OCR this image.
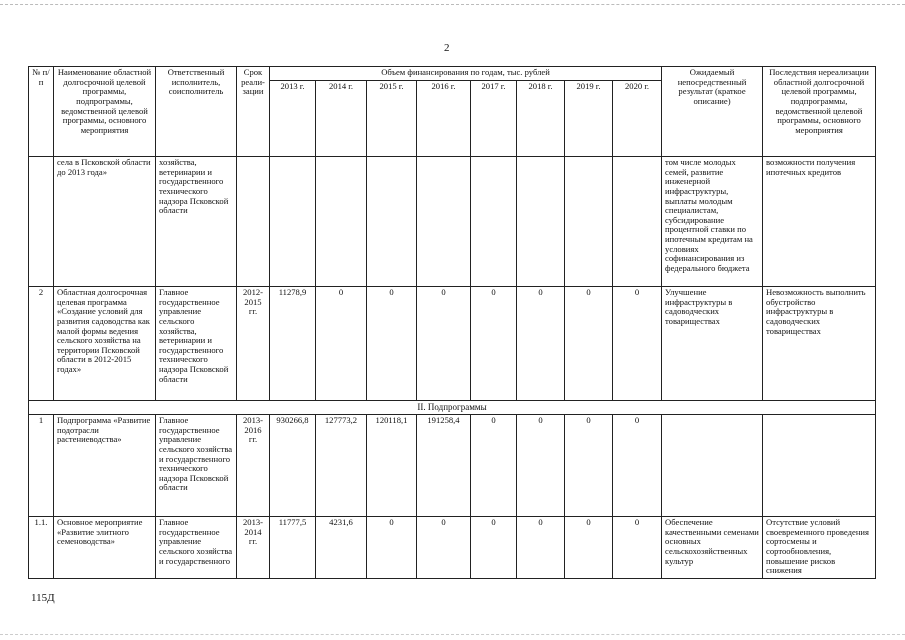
2
№ п/п	Наименование областной долгосрочной целевой программы, подпрограммы, ведомственной целевой программы, основного мероприятия	Ответственный исполнитель, соисполнитель	Срок реали-зации	Объем финансирования по годам, тыс. рублей								Ожидаемый непосредственный результат (краткое описание)	Последствия нереализации областной долгосрочной целевой программы, подпрограммы, ведомственной целевой программы, основного мероприятия
				2013 г.	2014 г.	2015 г.	2016 г.	2017 г.	2018 г.	2019 г.	2020 г.		
	села в Псковской области до 2013 года»	хозяйства, ветеринарии и государственного технического надзора Псковской области										том числе молодых семей, развитие инженерной инфраструктуры, выплаты молодым специалистам, субсидирование процентной ставки по ипотечным кредитам на условиях софинансирования из федерального бюджета	возможности получения ипотечных кредитов
2	Областная долгосрочная целевая программа «Создание условий для развития садоводства как малой формы ведения сельского хозяйства на территории Псковской области в 2012-2015 годах»	Главное государственное управление сельского хозяйства, ветеринарии и государственного технического надзора Псковской области	2012-2015 гг.	11278,9	0	0	0	0	0	0	0	Улучшение инфраструктуры в садоводческих товариществах	Невозможность выполнить обустройство инфраструктуры в садоводческих товариществах
II. Подпрограммы													
1	Подпрограмма «Развитие подотрасли растениеводства»	Главное государственное управление сельского хозяйства и государственного технического надзора Псковской области	2013-2016 гг.	930266,8	127773,2	120118,1	191258,4	0	0	0	0		
1.1.	Основное мероприятие «Развитие элитного семеноводства»	Главное государственное управление сельского хозяйства и государственного	2013-2014 гг.	11777,5	4231,6	0	0	0	0	0	0	Обеспечение качественными семенами основных сельскохозяйственных культур	Отсутствие условий своевременного проведения сортосмены и сортообновления, повышение рисков снижения
115Д
